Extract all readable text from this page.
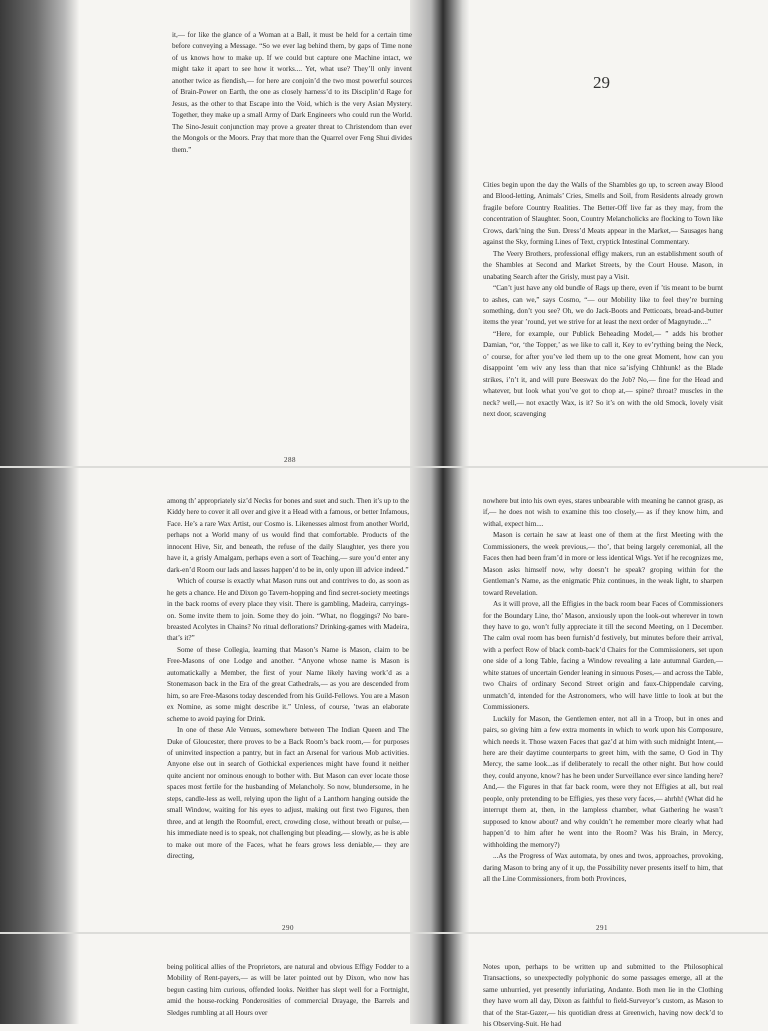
it,— for like the glance of a Woman at a Ball, it must be held for a certain time before conveying a Message. “So we ever lag behind them, by gaps of Time none of us knows how to make up. If we could but capture one Machine intact, we might take it apart to see how it works.... Yet, what use? They’ll only invent another twice as fiendish,— for here are conjoin’d the two most powerful sources of Brain-Power on Earth, the one as closely harness’d to its Disciplin’d Rage for Jesus, as the other to that Escape into the Void, which is the very Asian Mystery. Together, they make up a small Army of Dark Engineers who could run the World. The Sino-Jesuit conjunction may prove a greater threat to Christendom than ever the Mongols or the Moors. Pray that more than the Quarrel over Feng Shui divides them.”

288
29

Cities begin upon the day the Walls of the Shambles go up, to screen away Blood and Blood-letting, Animals’ Cries, Smells and Soil, from Residents already grown fragile before Country Realities. The Better-Off live far as they may, from the concentration of Slaughter. Soon, Country Melancholicks are flocking to Town like Crows, dark’ning the Sun. Dress’d Meats appear in the Market,— Sausages hang against the Sky, forming Lines of Text, cryptick Intestinal Commentary.

The Veery Brothers, professional effigy makers, run an establishment south of the Shambles at Second and Market Streets, by the Court House. Mason, in unabating Search after the Grisly, must pay a Visit.

“Can’t just have any old bundle of Rags up there, even if ’tis meant to be burnt to ashes, can we,” says Cosmo, “— our Mobility like to feel they’re burning something, don’t you see? Oh, we do Jack-Boots and Petticoats, bread-and-butter items the year ’round, yet we strive for at least the next order of Magnytude....”

“Here, for example, our Publick Beheading Model,— ” adds his brother Damian, “or, ‘the Topper,’ as we like to call it, Key to ev’rything being the Neck, o’ course, for after you’ve led them up to the one great Moment, how can you disappoint ’em wiv any less than that nice sa’isfying Chhhunk! as the Blade strikes, i’n’t it, and will pure Beeswax do the Job? No,— fine for the Head and whatever, but look what you’ve got to chop at,— spine? throat? muscles in the neck? well,— not exactly Wax, is it? So it’s on with the old Smock, lovely visit next door, scavenging

among th’ appropriately siz’d Necks for bones and suet and such. Then it’s up to the Kiddy here to cover it all over and give it a Head with a famous, or better Infamous, Face. He’s a rare Wax Artist, our Cosmo is. Likenesses almost from another World, perhaps not a World many of us would find that comfortable. Products of the innocent Hive, Sir, and beneath, the refuse of the daily Slaughter, yes there you have it, a grisly Amalgam, perhaps even a sort of Teaching,— sure you’d enter any dark-en’d Room our lads and lasses happen’d to be in, only upon ill advice indeed.”

Which of course is exactly what Mason runs out and contrives to do, as soon as he gets a chance. He and Dixon go Tavern-hopping and find secret-society meetings in the back rooms of every place they visit. There is gambling, Madeira, carryings-on. Some invite them to join. Some they do join. “What, no floggings? No bare-breasted Acolytes in Chains? No ritual deflorations? Drinking-games with Madeira, that’s it?”

Some of these Collegia, learning that Mason’s Name is Mason, claim to be Free-Masons of one Lodge and another. “Anyone whose name is Mason is automatickally a Member, the first of your Name likely having work’d as a Stonemason back in the Era of the great Cathedrals,— as you are descended from him, so are Free-Masons today descended from his Guild-Fellows. You are a Mason ex Nomine, as some might describe it.” Unless, of course, ’twas an elaborate scheme to avoid paying for Drink.

In one of these Ale Venues, somewhere between The Indian Queen and The Duke of Gloucester, there proves to be a Back Room’s back room,— for purposes of uninvited inspection a pantry, but in fact an Arsenal for various Mob activities. Anyone else out in search of Gothickal experiences might have found it neither quite ancient nor ominous enough to bother with. But Mason can ever locate those spaces most fertile for the husbanding of Melancholy. So now, blundersome, in he steps, candle-less as well, relying upon the light of a Lanthorn hanging outside the small Window, waiting for his eyes to adjust, making out first two Figures, then three, and at length the Roomful, erect, crowding close, without breath or pulse,— his immediate need is to speak, not challenging but pleading,— slowly, as he is able to make out more of the Faces, what he fears grows less deniable,— they are directing,

290

nowhere but into his own eyes, stares unbearable with meaning he cannot grasp, as if,— he does not wish to examine this too closely,— as if they know him, and withal, expect him....

Mason is certain he saw at least one of them at the first Meeting with the Commissioners, the week previous,— tho’, that being largely ceremonial, all the Faces then had been fram’d in more or less identical Wigs. Yet if he recognizes me, Mason asks himself now, why doesn’t he speak? groping within for the Gentleman’s Name, as the enigmatic Phiz continues, in the weak light, to sharpen toward Revelation.

As it will prove, all the Effigies in the back room bear Faces of Commissioners for the Boundary Line, tho’ Mason, anxiously upon the look-out wherever in town they have to go, won’t fully appreciate it till the second Meeting, on 1 December. The calm oval room has been furnish’d festively, but minutes before their arrival, with a perfect Row of black comb-back’d Chairs for the Commissioners, set upon one side of a long Table, facing a Window revealing a late autumnal Garden,— white statues of uncertain Gender leaning in sinuous Poses,— and across the Table, two Chairs of ordinary Second Street origin and faux-Chippendale carving, unmatch’d, intended for the Astronomers, who will have little to look at but the Commissioners.

Luckily for Mason, the Gentlemen enter, not all in a Troop, but in ones and pairs, so giving him a few extra moments in which to work upon his Composure, which needs it. Those waxen Faces that gaz’d at him with such midnight Intent,— here are their daytime counterparts to greet him, with the same, O God in Thy Mercy, the same look...as if deliberately to recall the other night. But how could they, could anyone, know? has he been under Surveillance ever since landing here? And,— the Figures in that far back room, were they not Effigies at all, but real people, only pretending to be Effigies, yes these very faces,— ahrhh! (What did he interrupt them at, then, in the lampless chamber, what Gathering he wasn’t supposed to know about? and why couldn’t he remember more clearly what had happen’d to him after he went into the Room? Was his Brain, in Mercy, withholding the memory?)

...As the Progress of Wax automata, by ones and twos, approaches, provoking, daring Mason to bring any of it up, the Possibility never presents itself to him, that all the Line Commissioners, from both Provinces,

291

being political allies of the Proprietors, are natural and obvious Effigy Fodder to a Mobility of Rent-payers,— as will be later pointed out by Dixon, who now has begun casting him curious, offended looks. Neither has slept well for a Fortnight, amid the house-rocking Ponderosities of commercial Drayage, the Barrels and Sledges rumbling at all Hours over

Notes upon, perhaps to be written up and submitted to the Philosophical Transactions, so unexpectedly polyphonic do some passages emerge, all at the same unhurried, yet presently infuriating, Andante. Both men lie in the Clothing they have worn all day, Dixon as faithful to field-Surveyor’s custom, as Mason to that of the Star-Gazer,— his quotidian dress at Greenwich, having now deck’d to his Observing-Suit. He had
